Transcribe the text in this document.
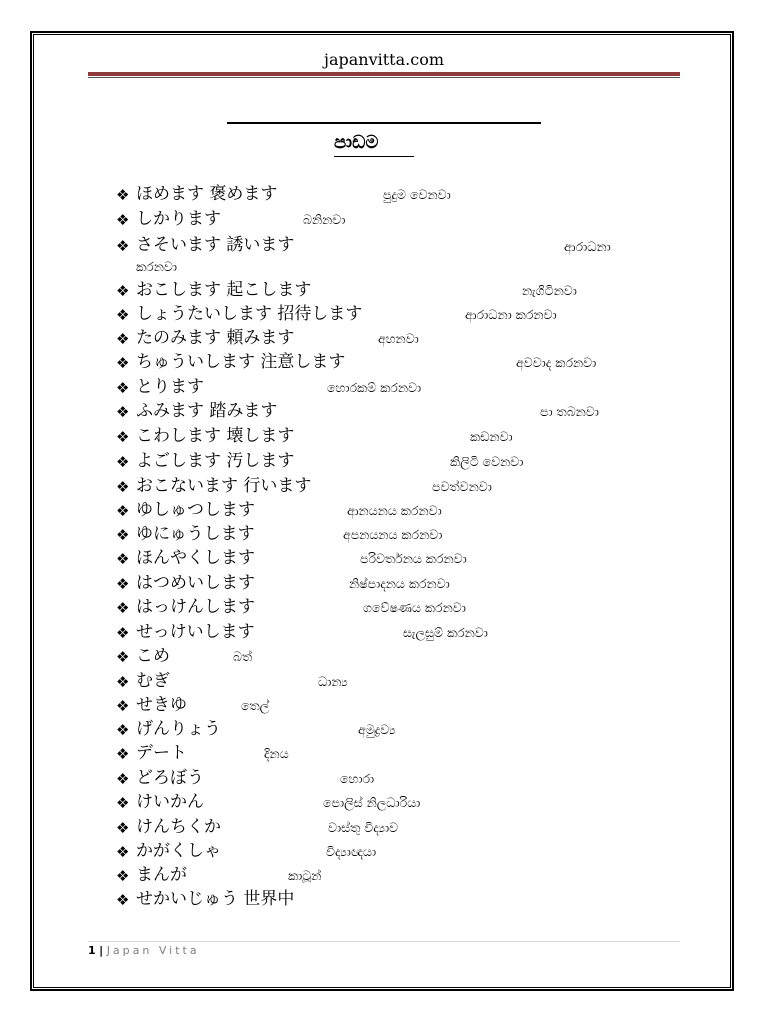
japanvitta.com
පාඩම
❖ ほめます 褒めます	පුදුම වෙනවා
❖ しかります	බනිනවා
❖ さそいます 誘います	ආරාධනා
කරනවා
❖ おこします 起こします	නැගිටිනවා
❖ しょうたいします 招待します	ආරාධනා කරනවා
❖ たのみます 頼みます	අහනවා
❖ ちゅういします 注意します	අවවාද කරනවා
❖ とります	හොරකම් කරනවා
❖ ふみます 踏みます	පා තබනවා
❖ こわします 壊します	කඩනවා
❖ よごします 汚します	කිලිටි වෙනවා
❖ おこないます 行います	පවත්වනවා
❖ ゆしゅつします	ආනයනය කරනවා
❖ ゆにゅうします	අපනයනය කරනවා
❖ ほんやくします	පරිවර්තනය කරනවා
❖ はつめいします	නිෂ්පාදනය කරනවා
❖ はっけんします	ගවේෂණය කරනවා
❖ せっけいします	සැලසුම් කරනවා
❖ こめ	බත්
❖ むぎ	ධාන්‍ය
❖ せきゆ	තෙල්
❖ げんりょう	අමුද්‍රව්‍ය
❖ デート	දිනය
❖ どろぼう	හොරා
❖ けいかん	පොලිස් නිලධාරියා
❖ けんちくか	වාස්තු විද්‍යාව
❖ かがくしゃ	විද්‍යාඥයා
❖ まんが	කාටූන්
❖ せかいじゅう 世界中
1 | Japan Vitta
